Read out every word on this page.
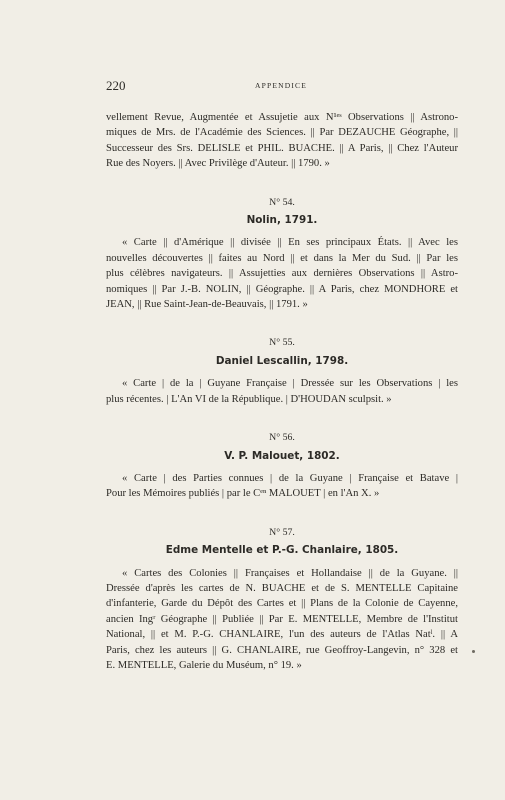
220	APPENDICE

vellement Revue, Augmentée et Assujetie aux N¹ᵉˢ Observations || Astrono-
miques de Mrs. de l'Académie des Sciences. || Par DEZAUCHE Géographe, ||
Successeur des Srs. DELISLE et PHIL. BUACHE. || A Paris, || Chez l'Auteur
Rue des Noyers. || Avec Privilège d'Auteur. || 1790. »

N° 54.
Nolin, 1791.

« Carte || d'Amérique || divisée || En ses principaux États. || Avec les
nouvelles découvertes || faites au Nord || et dans la Mer du Sud. || Par les
plus célèbres navigateurs. || Assujetties aux dernières Observations || Astro-
nomiques || Par J.-B. NOLIN, || Géographe. || A Paris, chez MONDHORE et
JEAN, || Rue Saint-Jean-de-Beauvais, || 1791. »

N° 55.
Daniel Lescallin, 1798.

« Carte | de la | Guyane Française | Dressée sur les Observations | les
plus récentes. | L'An VI de la République. | D'HOUDAN sculpsit. »

N° 56.
V. P. Malouet, 1802.

« Carte | des Parties connues | de la Guyane | Française et Batave |
Pour les Mémoires publiés | par le Cᵉⁿ MALOUET | en l'An X. »

N° 57.
Edme Mentelle et P.-G. Chanlaire, 1805.

« Cartes des Colonies || Françaises et Hollandaise || de la Guyane. ||
Dressée d'après les cartes de N. BUACHE et de S. MENTELLE Capitaine
d'infanterie, Garde du Dépôt des Cartes et || Plans de la Colonie de Cayenne,
ancien Ingʳ Géographe || Publiée || Par E. MENTELLE, Membre de l'Institut
National, || et M. P.-G. CHANLAIRE, l'un des auteurs de l'Atlas Natˡ. || A
Paris, chez les auteurs || G. CHANLAIRE, rue Geoffroy-Langevin, n° 328 et
E. MENTELLE, Galerie du Muséum, n° 19. »
